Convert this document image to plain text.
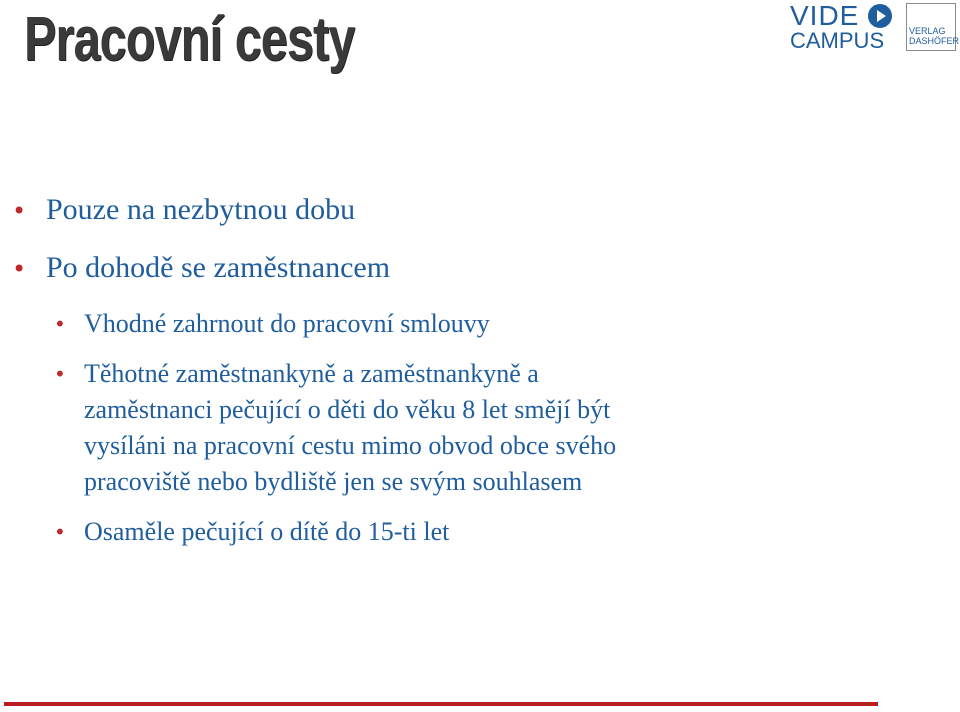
Pracovní cesty	VIDE
CAMPUS	VERLAG
DASHÖFER
• Pouze na nezbytnou dobu
• Po dohodě se zaměstnancem
• Vhodné zahrnout do pracovní smlouvy
• Těhotné zaměstnankyně a zaměstnankyně a
zaměstnanci pečující o děti do věku 8 let smějí být
vysíláni na pracovní cestu mimo obvod obce svého
pracoviště nebo bydliště jen se svým souhlasem
• Osaměle pečující o dítě do 15-ti let
